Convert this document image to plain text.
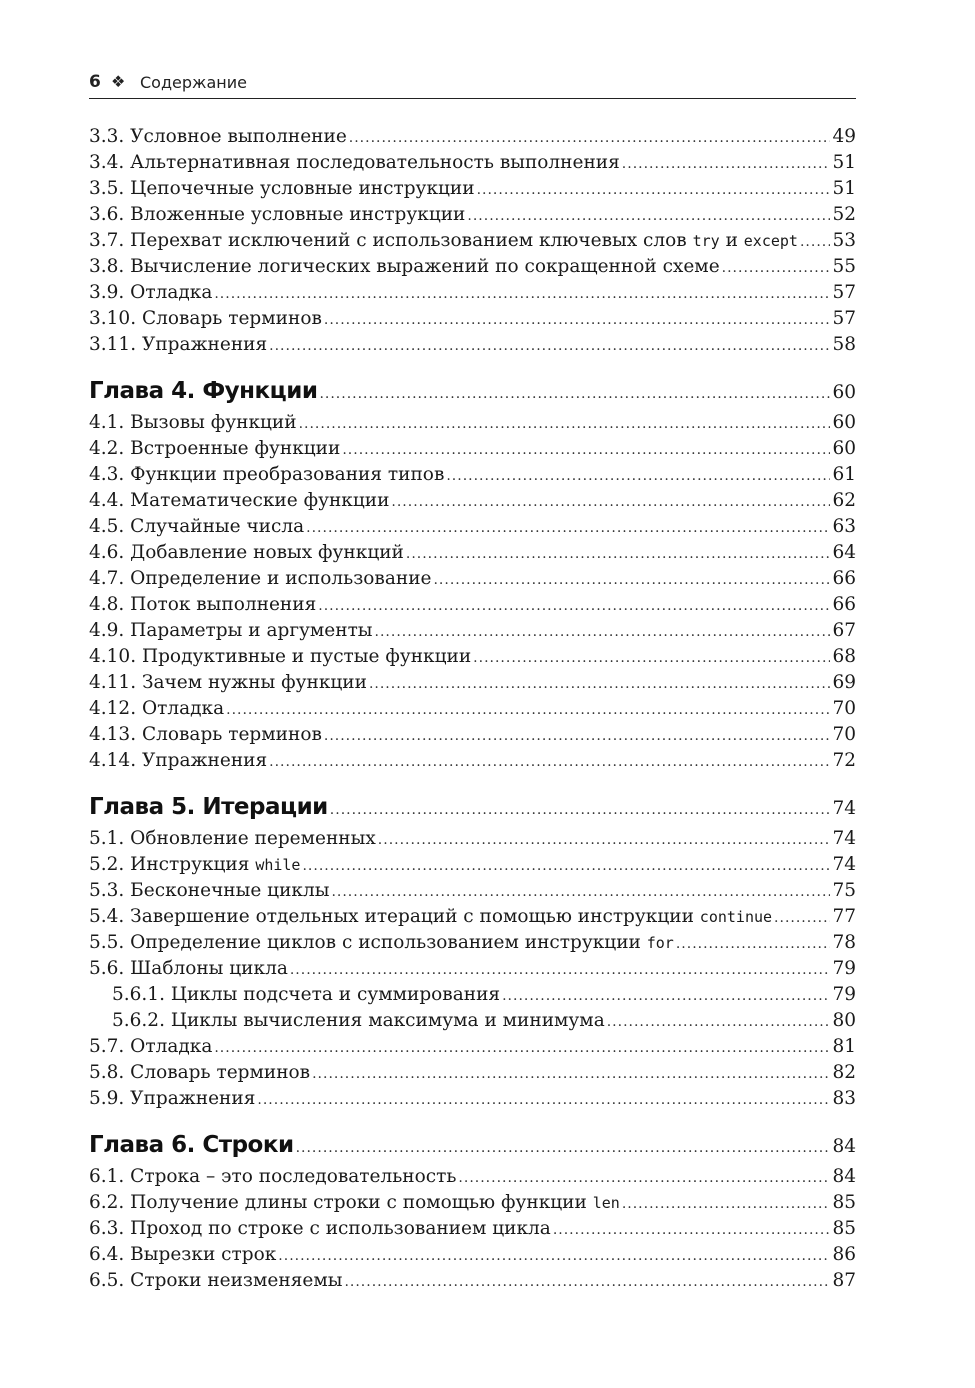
6 ❖ Содержание
3.3. Условное выполнение .....	49
3.4. Альтернативная последовательность выполнения .....	51
3.5. Цепочечные условные инструкции .....	51
3.6. Вложенные условные инструкции .....	52
3.7. Перехват исключений с использованием ключевых слов try и except ..... 53
3.8. Вычисление логических выражений по сокращенной схеме .....	55
3.9. Отладка .....	57
3.10. Словарь терминов .....	57
3.11. Упражнения .....	58
Глава 4. Функции .....	60
4.1. Вызовы функций .....	60
4.2. Встроенные функции .....	60
4.3. Функции преобразования типов .....	61
4.4. Математические функции .....	62
4.5. Случайные числа .....	63
4.6. Добавление новых функций .....	64
4.7. Определение и использование .....	66
4.8. Поток выполнения .....	66
4.9. Параметры и аргументы .....	67
4.10. Продуктивные и пустые функции .....	68
4.11. Зачем нужны функции .....	69
4.12. Отладка .....	70
4.13. Словарь терминов .....	70
4.14. Упражнения .....	72
Глава 5. Итерации .....	74
5.1. Обновление переменных .....	74
5.2. Инструкция while .....	74
5.3. Бесконечные циклы .....	75
5.4. Завершение отдельных итераций с помощью инструкции continue .....	77
5.5. Определение циклов с использованием инструкции for .....	78
5.6. Шаблоны цикла .....	79
5.6.1. Циклы подсчета и суммирования .....	79
5.6.2. Циклы вычисления максимума и минимума .....	80
5.7. Отладка .....	81
5.8. Словарь терминов .....	82
5.9. Упражнения .....	83
Глава 6. Строки .....	84
6.1. Строка – это последовательность .....	84
6.2. Получение длины строки с помощью функции len .....	85
6.3. Проход по строке с использованием цикла .....	85
6.4. Вырезки строк .....	86
6.5. Строки неизменяемы .....	87
